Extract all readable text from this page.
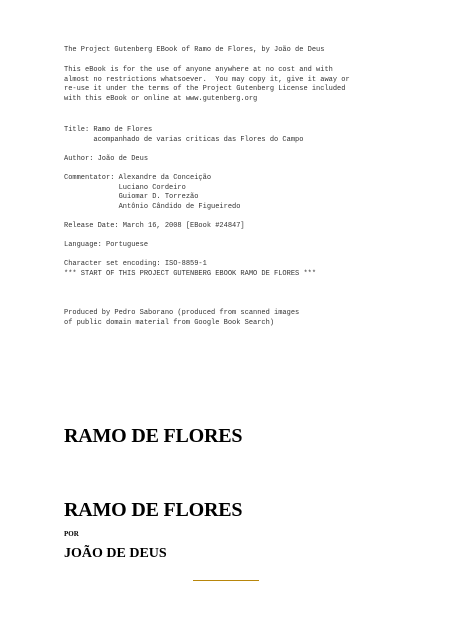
The Project Gutenberg EBook of Ramo de Flores, by João de Deus

This eBook is for the use of anyone anywhere at no cost and with

almost no restrictions whatsoever.  You may copy it, give it away or

re-use it under the terms of the Project Gutenberg License included

with this eBook or online at www.gutenberg.org

Title: Ramo de Flores

acompanhado de varias criticas das Flores do Campo

Author: João de Deus

Commentator: Alexandre da Conceição

Luciano Cordeiro

Guiomar D. Torrezão

Antônio Cândido de Figueiredo

Release Date: March 16, 2008 [EBook #24847]

Language: Portuguese

Character set encoding: ISO-8859-1

*** START OF THIS PROJECT GUTENBERG EBOOK RAMO DE FLORES ***

Produced by Pedro Saborano (produced from scanned images

of public domain material from Google Book Search)

RAMO DE FLORES
RAMO DE FLORES

POR

JOÃO DE DEUS
